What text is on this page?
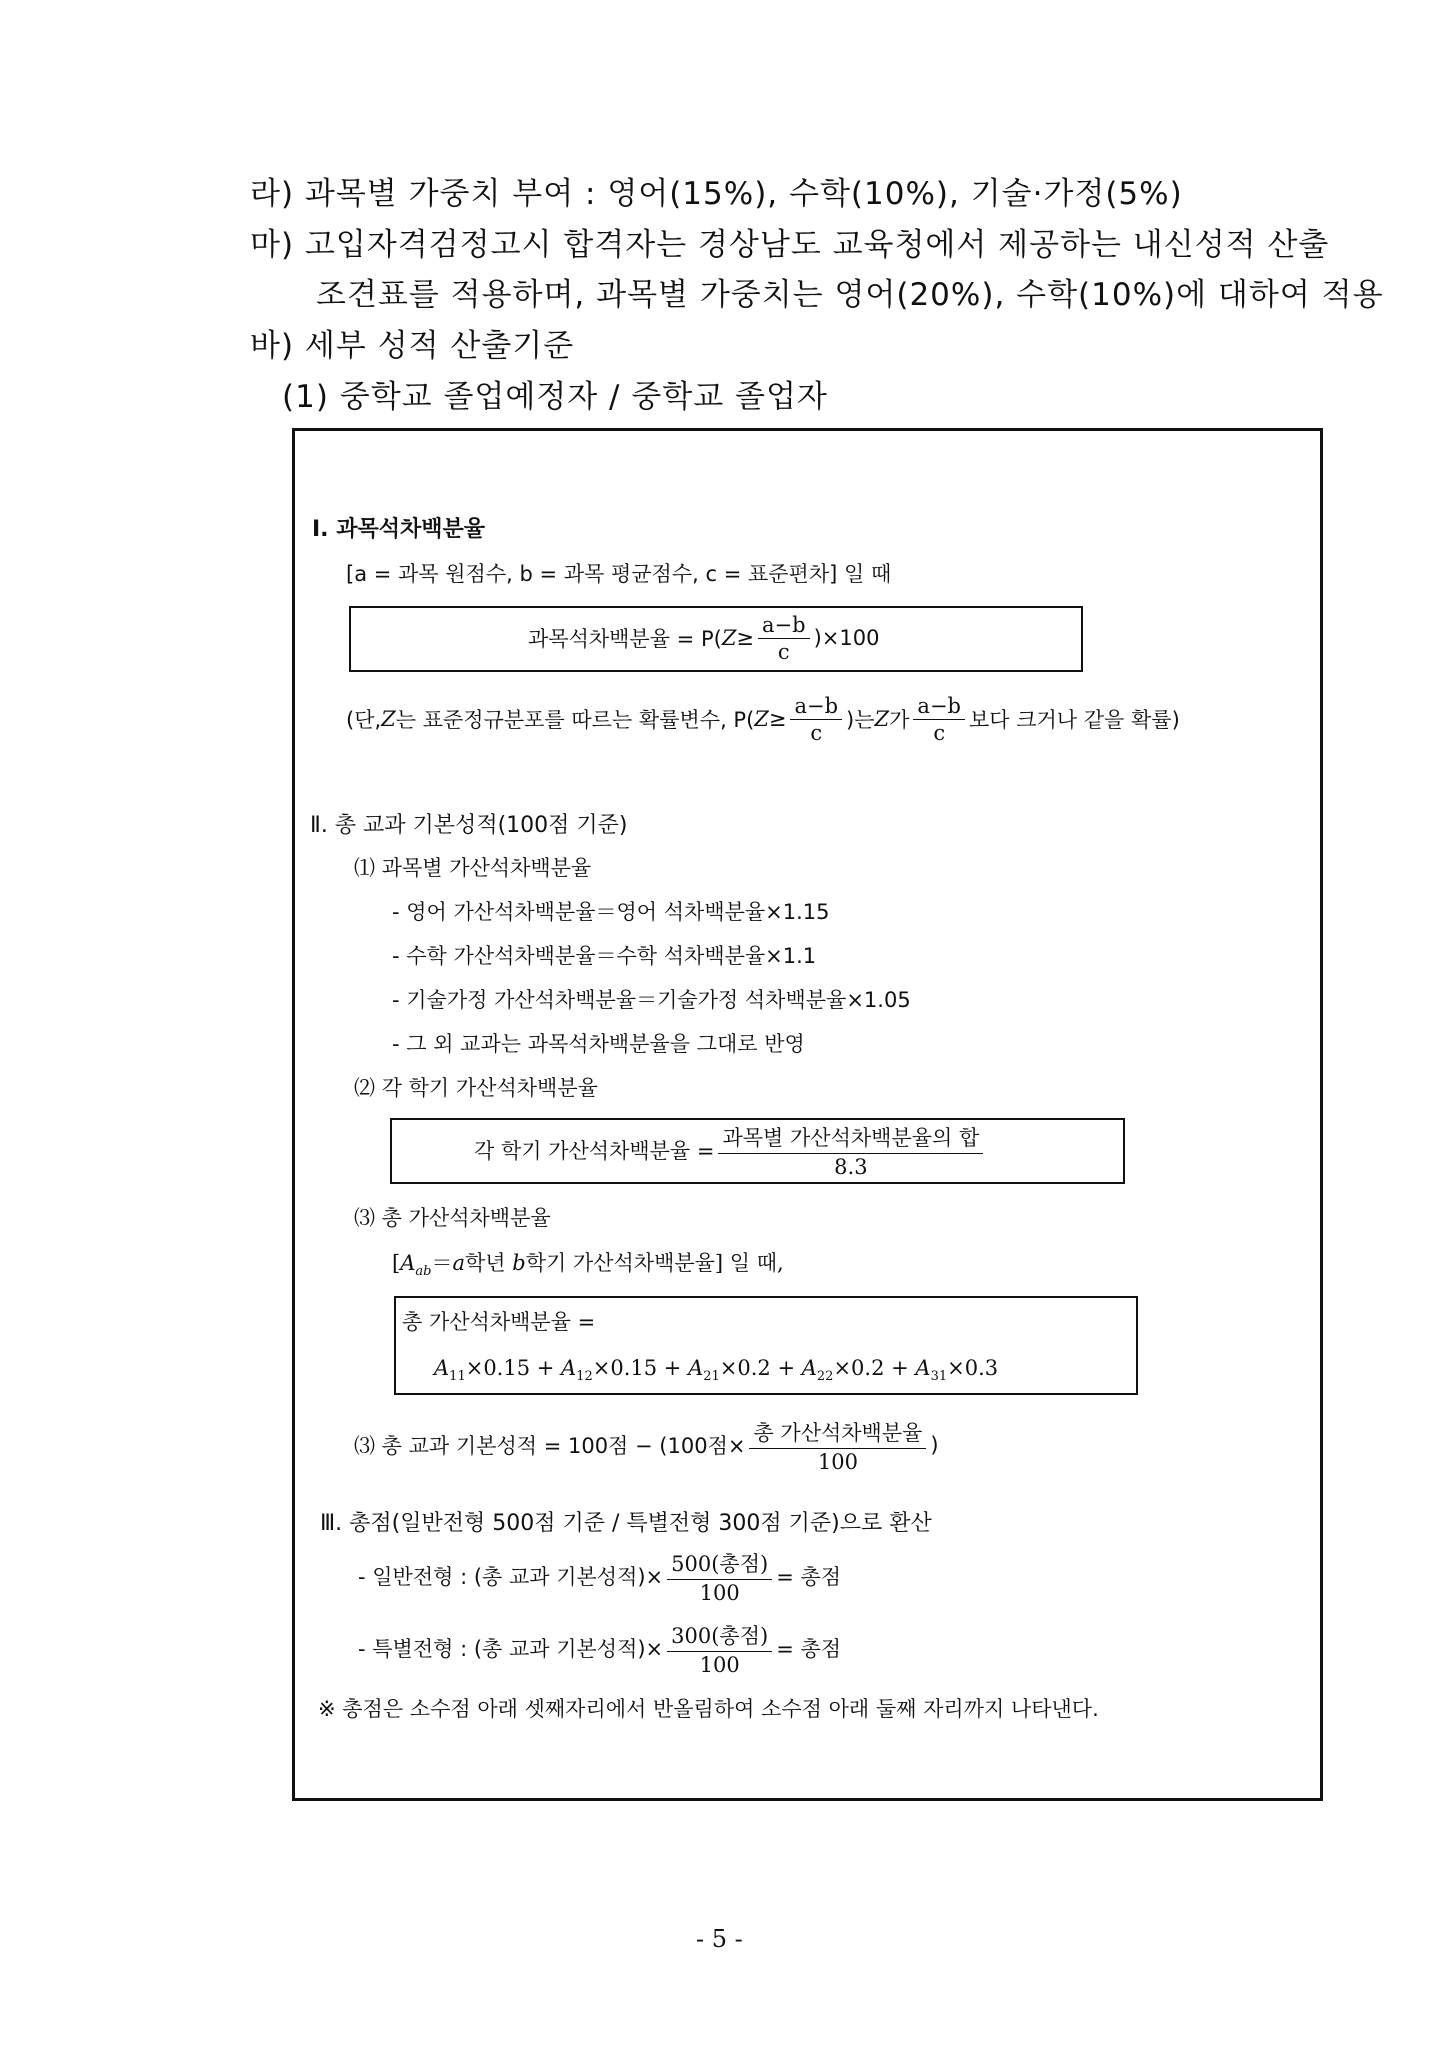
라) 과목별 가중치 부여 : 영어(15%), 수학(10%), 기술·가정(5%)
마) 고입자격검정고시 합격자는 경상남도 교육청에서 제공하는 내신성적 산출
조견표를 적용하며, 과목별 가중치는 영어(20%), 수학(10%)에 대하여 적용
바) 세부 성적 산출기준
(1) 중학교 졸업예정자 / 중학교 졸업자
Ⅰ. 과목석차백분율
[a = 과목 원점수, b = 과목 평균점수, c = 표준편차] 일 때
과목석차백분율 = P( $Z \ge \frac{a-b}{c} )\times 100$
(단, Z 는 표준정규분포를 따르는 확률변수, P( $Z \ge \frac{a-b}{c}$ )는 Z 가 $\frac{a-b}{c}$ 보다 크거나 같을 확률)
Ⅱ. 총 교과 기본성적(100점 기준)
⑴ 과목별 가산석차백분율
- 영어 가산석차백분율＝영어 석차백분율×1.15
- 수학 가산석차백분율＝수학 석차백분율×1.1
- 기술가정 가산석차백분율＝기술가정 석차백분율×1.05
- 그 외 교과는 과목석차백분율을 그대로 반영
⑵ 각 학기 가산석차백분율
각 학기 가산석차백분율 = $\frac{\text{과목별 가산석차백분율의 합}}{8.3}$
⑶ 총 가산석차백분율
[$A_{ab}=a$학년 b학기 가산석차백분율] 일 때,
총 가산석차백분율 =
$A_{11}\times 0.15 + A_{12}\times 0.15 + A_{21}\times 0.2 + A_{22}\times 0.2 + A_{31}\times 0.3$
⑶ 총 교과 기본성적 = 100점 − (100점× $\frac{\text{총 가산석차백분율}}{100}$ )
Ⅲ. 총점(일반전형 500점 기준 / 특별전형 300점 기준)으로 환산
- 일반전형 : (총 교과 기본성적)× $\frac{\text{500(총점)}}{100}$ = 총점
- 특별전형 : (총 교과 기본성적)× $\frac{\text{300(총점)}}{100}$ = 총점
※ 총점은 소수점 아래 셋째자리에서 반올림하여 소수점 아래 둘째 자리까지 나타낸다.
- 5 -
